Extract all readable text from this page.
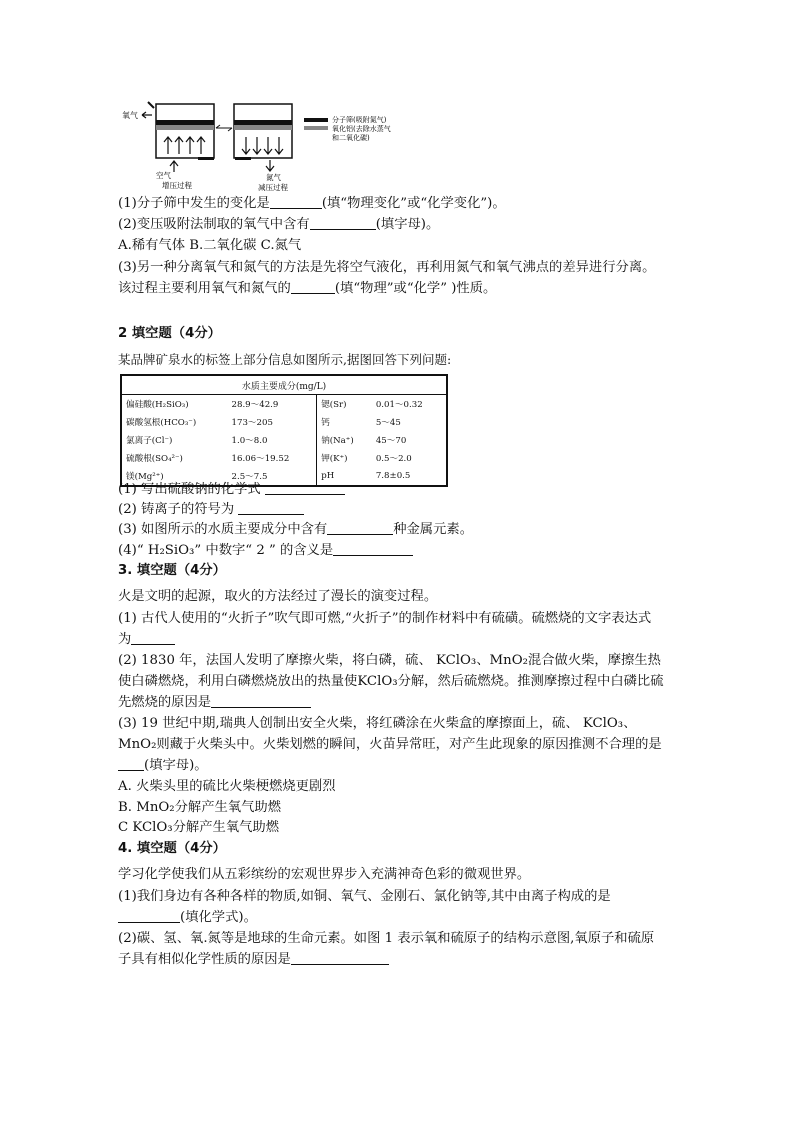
氧气
空气
增压过程
氮气
减压过程
分子筛(吸附氮气)
氧化铝(去除水蒸气
和二氧化碳)
(1)分子筛中发生的变化是	(填“物理变化”或“化学变化”)。
(2)变压吸附法制取的氧气中含有	(填字母)。
A.稀有气体 B.二氧化碳 C.氮气
(3)另一种分离氧气和氮气的方法是先将空气液化，再利用氮气和氧气沸点的差异进行分离。
该过程主要利用氧气和氮气的	(填“物理”或“化学” )性质。
2 填空题（4分）
某品牌矿泉水的标签上部分信息如图所示,据图回答下列问题:
水质主要成分(mg/L)			
偏硅酸(H₂SiO₃)	28.9～42.9	锶(Sr)	0.01～0.32
碳酸氢根(HCO₃⁻)	173～205	钙	5～45
氯离子(Cl⁻)	1.0～8.0	钠(Na⁺)	45～70
硫酸根(SO₄²⁻)	16.06～19.52	钾(K⁺)	0.5～2.0
镁(Mg²⁺)	2.5～7.5	pH	7.8±0.5
(1) 写出硫酸钠的化学式
(2) 铸离子的符号为
(3) 如图所示的水质主要成分中含有	种金属元素。
(4)“ H₂SiO₃” 中数字“ 2 ” 的含义是
3. 填空题（4分）
火是文明的起源，取火的方法经过了漫长的演变过程。
(1) 古代人使用的“火折子”吹气即可燃,“火折子”的制作材料中有硫磺。硫燃烧的文字表达式
为
(2) 1830 年，法国人发明了摩擦火柴，将白磷，硫、 KClO₃、MnO₂混合做火柴，摩擦生热
使白磷燃烧，利用白磷燃烧放出的热量使KClO₃分解，然后硫燃烧。推测摩擦过程中白磷比硫
先燃烧的原因是
(3) 19 世纪中期,瑞典人创制出安全火柴，将红磷涂在火柴盒的摩擦面上，硫、 KClO₃、
MnO₂则藏于火柴头中。火柴划燃的瞬间，火苗异常旺，对产生此现象的原因推测不合理的是
(填字母)。
A. 火柴头里的硫比火柴梗燃烧更剧烈
B. MnO₂分解产生氧气助燃
C KClO₃分解产生氧气助燃
4. 填空题（4分）
学习化学使我们从五彩缤纷的宏观世界步入充满神奇色彩的微观世界。
(1)我们身边有各种各样的物质,如铜、氧气、金刚石、氯化钠等,其中由离子构成的是
(填化学式)。
(2)碳、氢、氧.氮等是地球的生命元素。如图 1 表示氧和硫原子的结构示意图,氧原子和硫原
子具有相似化学性质的原因是
